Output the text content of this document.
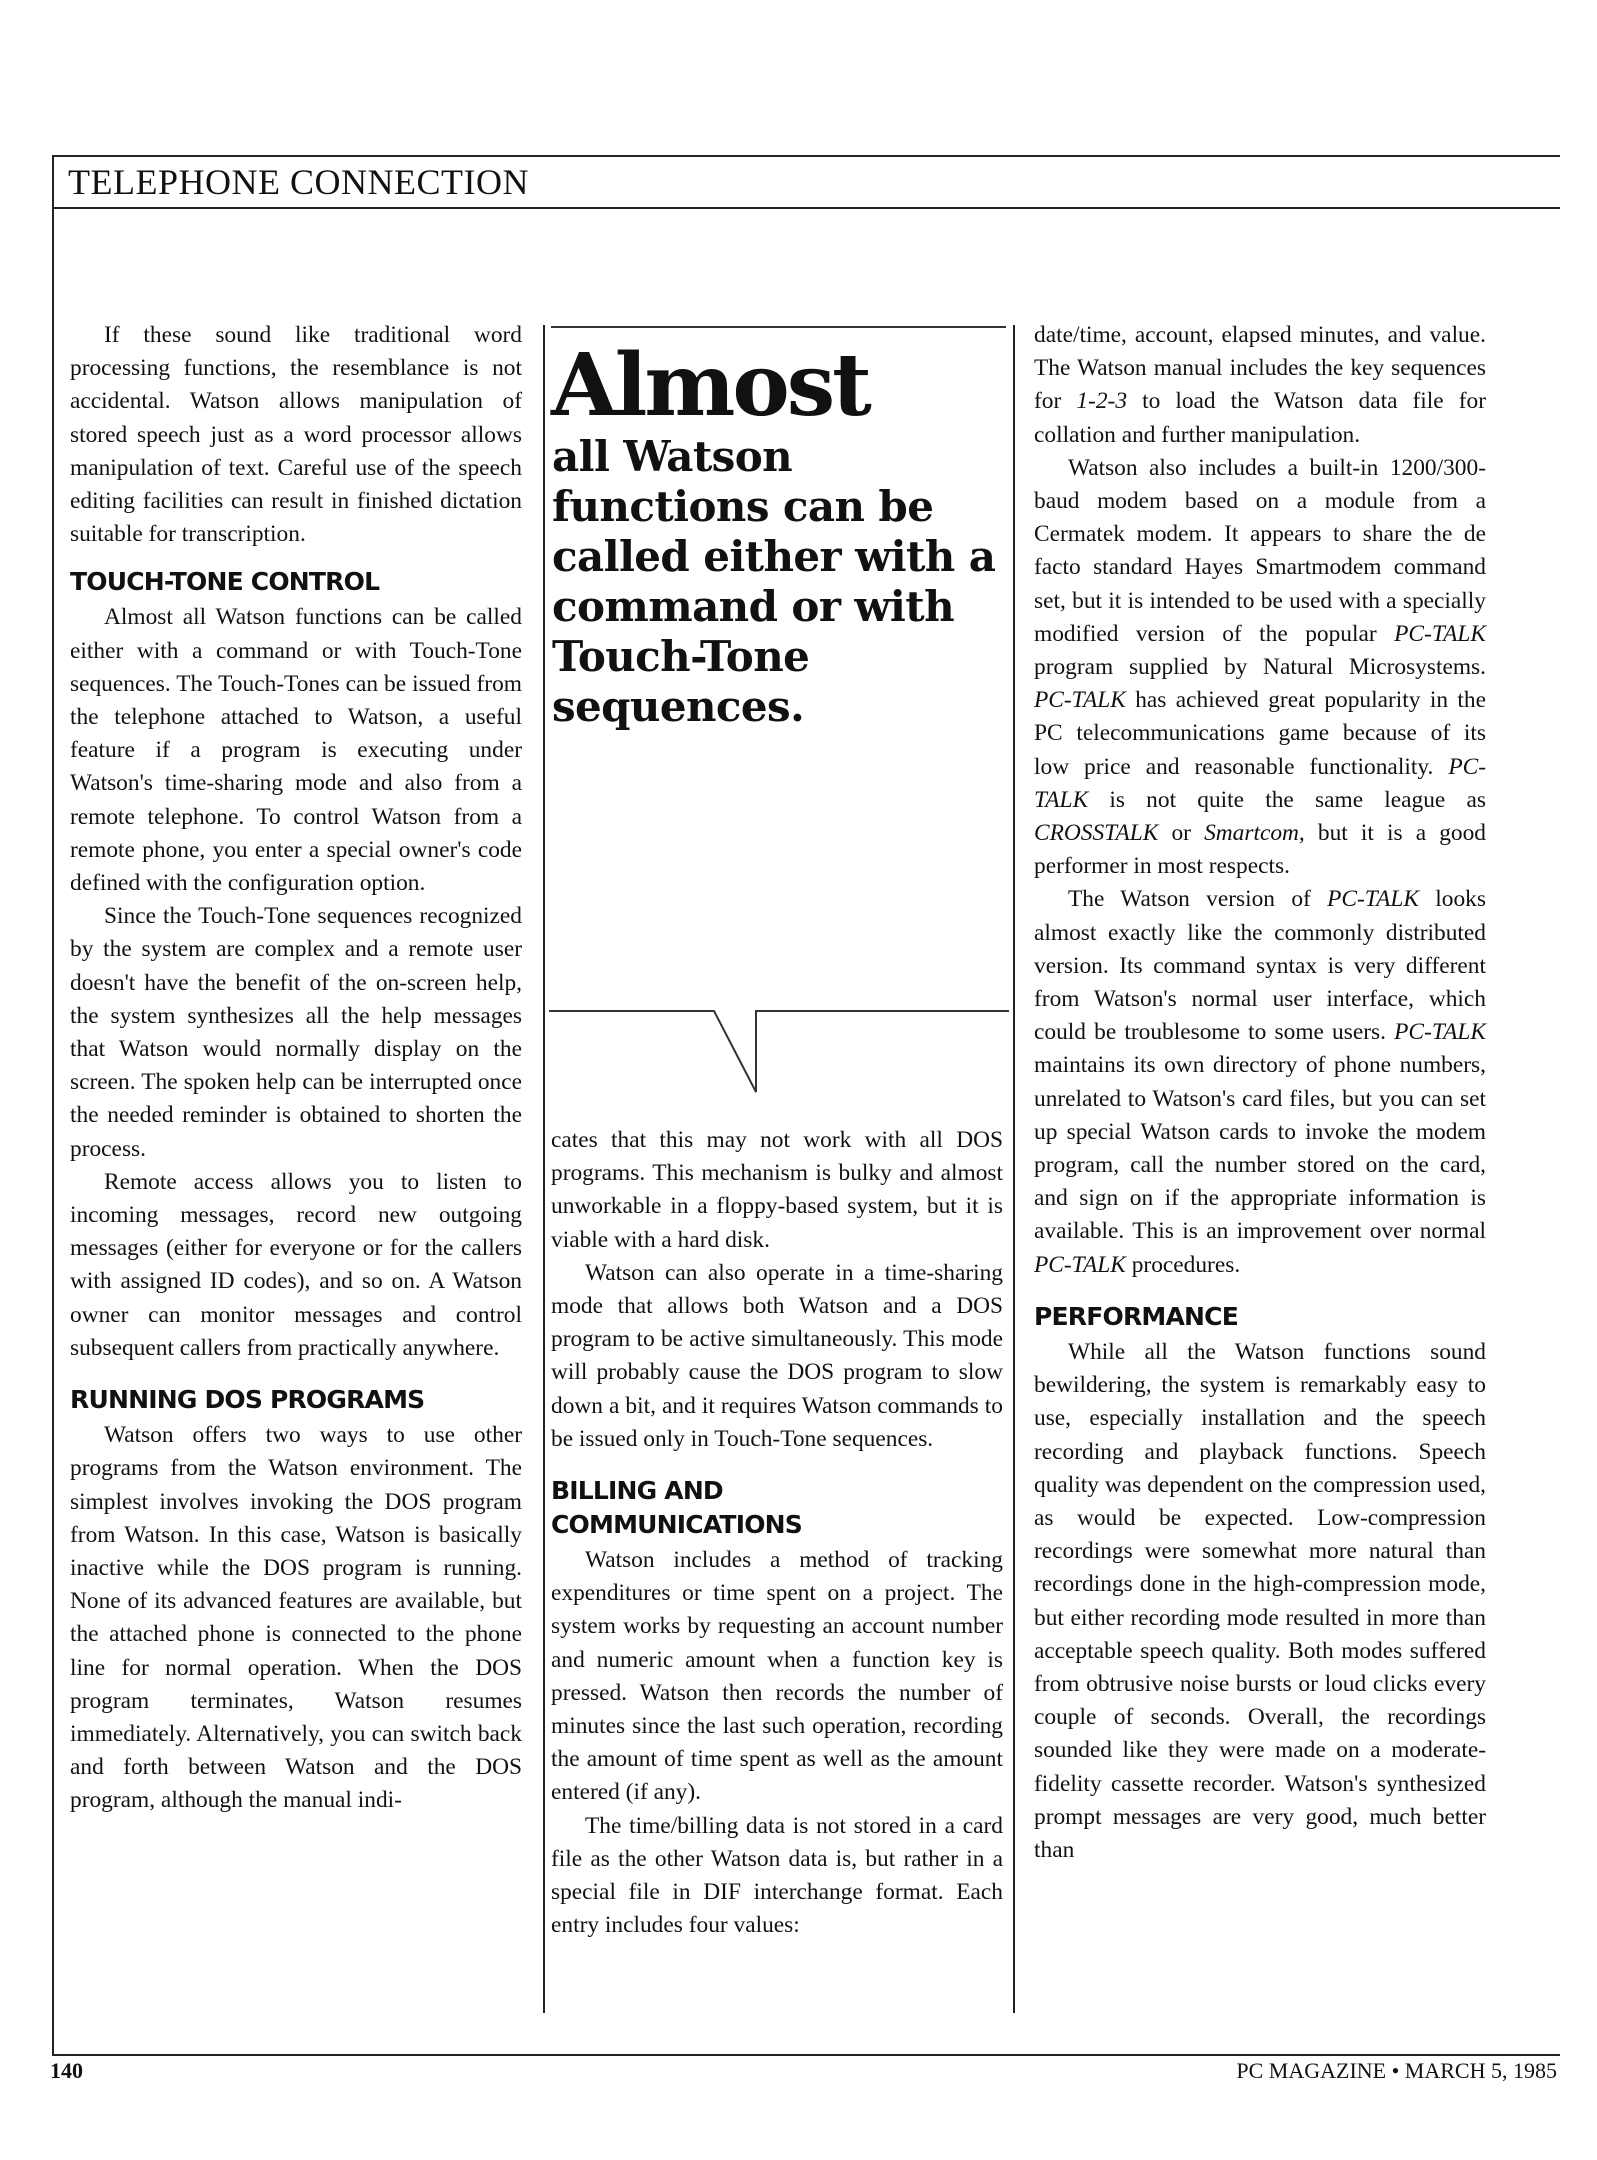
TELEPHONE CONNECTION

If these sound like traditional word processing functions, the resemblance is not accidental. Watson allows manipulation of stored speech just as a word processor allows manipulation of text. Careful use of the speech editing facilities can result in finished dictation suitable for transcription.

TOUCH-TONE CONTROL

Almost all Watson functions can be called either with a command or with Touch-Tone sequences. The Touch-Tones can be issued from the telephone attached to Watson, a useful feature if a program is executing under Watson's time-sharing mode and also from a remote telephone. To control Watson from a remote phone, you enter a special owner's code defined with the configuration option.

Since the Touch-Tone sequences recognized by the system are complex and a remote user doesn't have the benefit of the on-screen help, the system synthesizes all the help messages that Watson would normally display on the screen. The spoken help can be interrupted once the needed reminder is obtained to shorten the process.

Remote access allows you to listen to incoming messages, record new outgoing messages (either for everyone or for the callers with assigned ID codes), and so on. A Watson owner can monitor messages and control subsequent callers from practically anywhere.

RUNNING DOS PROGRAMS

Watson offers two ways to use other programs from the Watson environment. The simplest involves invoking the DOS program from Watson. In this case, Watson is basically inactive while the DOS program is running. None of its advanced features are available, but the attached phone is connected to the phone line for normal operation. When the DOS program terminates, Watson resumes immediately. Alternatively, you can switch back and forth between Watson and the DOS program, although the manual indi-

Almost
all Watson functions can be called either with a command or with Touch-Tone sequences.

cates that this may not work with all DOS programs. This mechanism is bulky and almost unworkable in a floppy-based system, but it is viable with a hard disk.

Watson can also operate in a time-sharing mode that allows both Watson and a DOS program to be active simultaneously. This mode will probably cause the DOS program to slow down a bit, and it requires Watson commands to be issued only in Touch-Tone sequences.

BILLING AND
COMMUNICATIONS

Watson includes a method of tracking expenditures or time spent on a project. The system works by requesting an account number and numeric amount when a function key is pressed. Watson then records the number of minutes since the last such operation, recording the amount of time spent as well as the amount entered (if any).

The time/billing data is not stored in a card file as the other Watson data is, but rather in a special file in DIF interchange format. Each entry includes four values:

date/time, account, elapsed minutes, and value. The Watson manual includes the key sequences for 1-2-3 to load the Watson data file for collation and further manipulation.

Watson also includes a built-in 1200/300-baud modem based on a module from a Cermatek modem. It appears to share the de facto standard Hayes Smartmodem command set, but it is intended to be used with a specially modified version of the popular PC-TALK program supplied by Natural Microsystems. PC-TALK has achieved great popularity in the PC telecommunications game because of its low price and reasonable functionality. PC-TALK is not quite the same league as CROSSTALK or Smartcom, but it is a good performer in most respects.

The Watson version of PC-TALK looks almost exactly like the commonly distributed version. Its command syntax is very different from Watson's normal user interface, which could be troublesome to some users. PC-TALK maintains its own directory of phone numbers, unrelated to Watson's card files, but you can set up special Watson cards to invoke the modem program, call the number stored on the card, and sign on if the appropriate information is available. This is an improvement over normal PC-TALK procedures.

PERFORMANCE

While all the Watson functions sound bewildering, the system is remarkably easy to use, especially installation and the speech recording and playback functions. Speech quality was dependent on the compression used, as would be expected. Low-compression recordings were somewhat more natural than recordings done in the high-compression mode, but either recording mode resulted in more than acceptable speech quality. Both modes suffered from obtrusive noise bursts or loud clicks every couple of seconds. Overall, the recordings sounded like they were made on a moderate-fidelity cassette recorder. Watson's synthesized prompt messages are very good, much better than

140	PC MAGAZINE • MARCH 5, 1985
